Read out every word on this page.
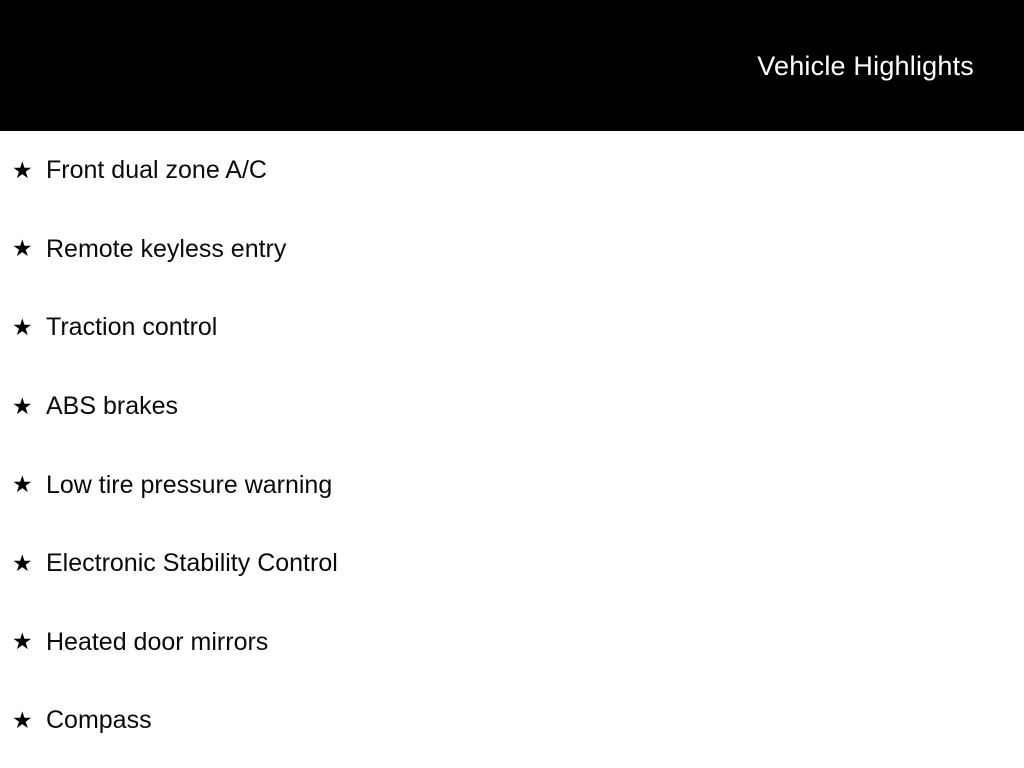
Vehicle Highlights
★ Front dual zone A/C
★ Remote keyless entry
★ Traction control
★ ABS brakes
★ Low tire pressure warning
★ Electronic Stability Control
★ Heated door mirrors
★ Compass
